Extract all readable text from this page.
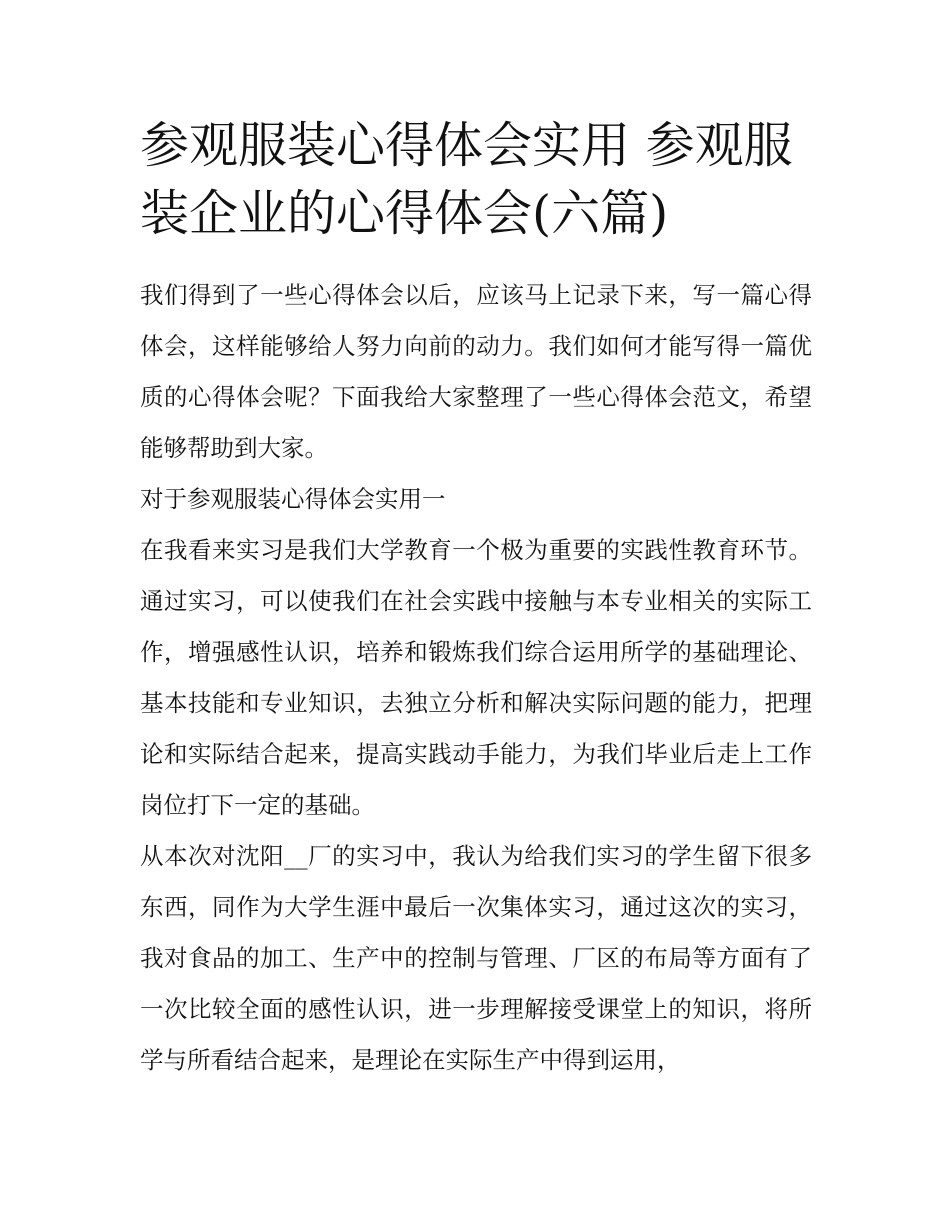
参观服装心得体会实用 参观服装企业的心得体会(六篇)

我们得到了一些心得体会以后，应该马上记录下来，写一篇心得体会，这样能够给人努力向前的动力。我们如何才能写得一篇优质的心得体会呢？下面我给大家整理了一些心得体会范文，希望能够帮助到大家。

对于参观服装心得体会实用一

在我看来实习是我们大学教育一个极为重要的实践性教育环节。通过实习，可以使我们在社会实践中接触与本专业相关的实际工作，增强感性认识，培养和锻炼我们综合运用所学的基础理论、基本技能和专业知识，去独立分析和解决实际问题的能力，把理论和实际结合起来，提高实践动手能力，为我们毕业后走上工作岗位打下一定的基础。

从本次对沈阳__厂的实习中，我认为给我们实习的学生留下很多东西，同作为大学生涯中最后一次集体实习，通过这次的实习，我对食品的加工、生产中的控制与管理、厂区的布局等方面有了一次比较全面的感性认识，进一步理解接受课堂上的知识，将所学与所看结合起来，是理论在实际生产中得到运用，
